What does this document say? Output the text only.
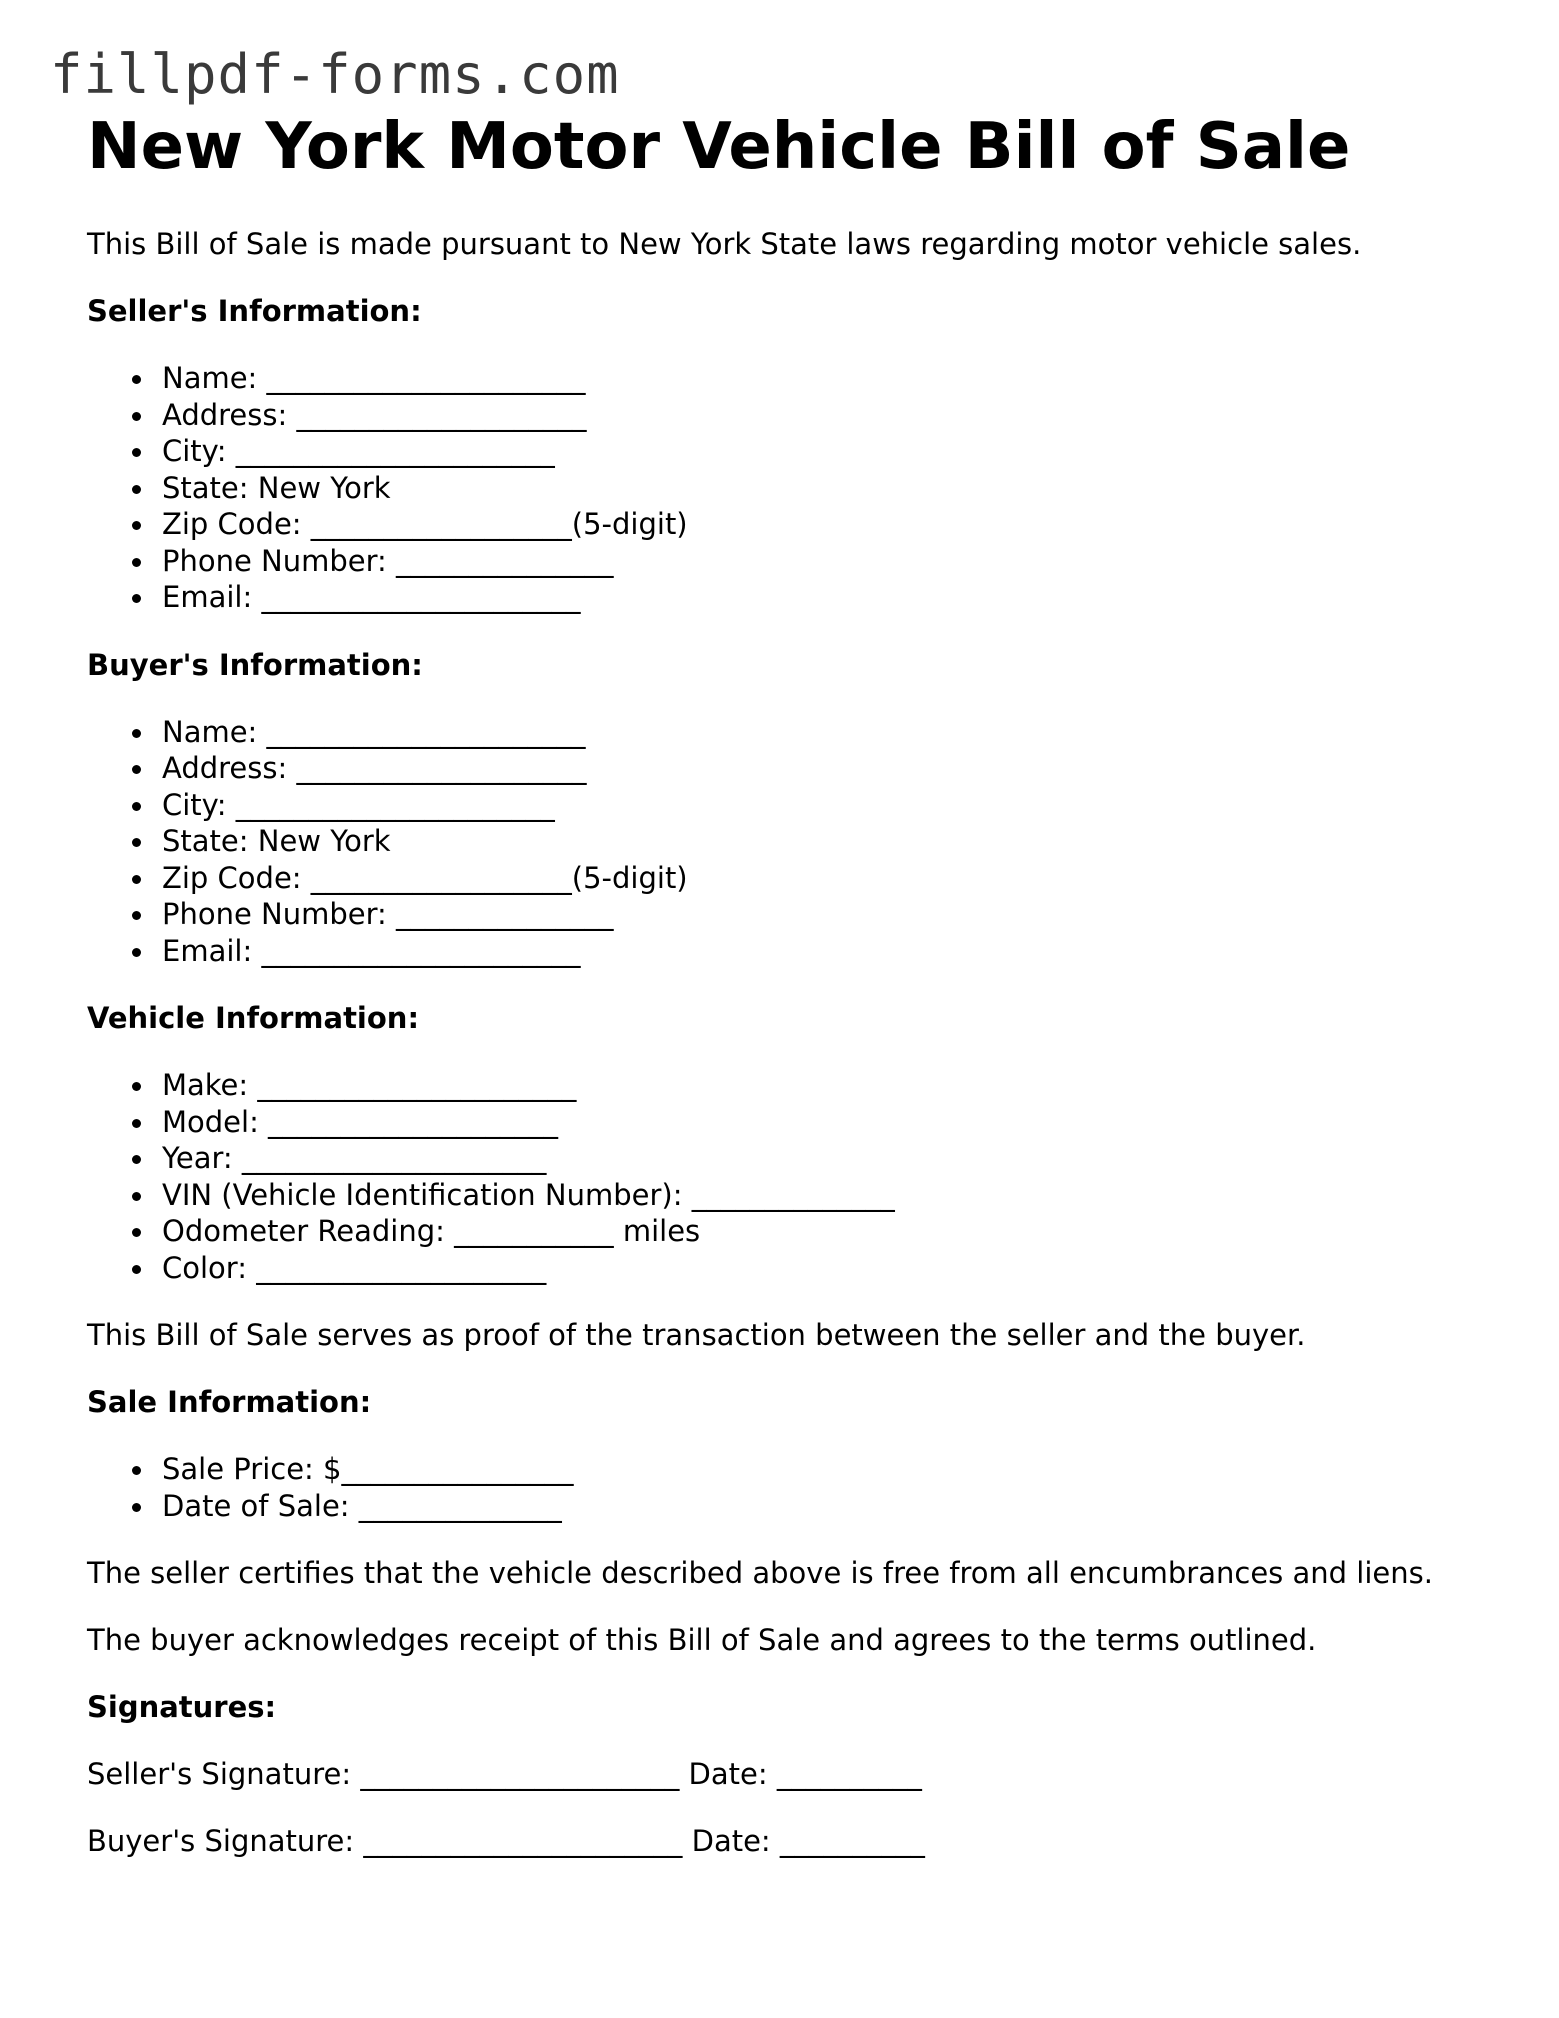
fillpdf-forms.com
New York Motor Vehicle Bill of Sale

This Bill of Sale is made pursuant to New York State laws regarding motor vehicle sales.

Seller's Information:
Name: ______________________
Address: ____________________
City: ______________________
State: New York
Zip Code: __________________(5-digit)
Phone Number: _______________
Email: ______________________
Buyer's Information:
Name: ______________________
Address: ____________________
City: ______________________
State: New York
Zip Code: __________________(5-digit)
Phone Number: _______________
Email: ______________________
Vehicle Information:
Make: ______________________
Model: ____________________
Year: _____________________
VIN (Vehicle Identification Number): ______________
Odometer Reading: ___________ miles
Color: ____________________

This Bill of Sale serves as proof of the transaction between the seller and the buyer.

Sale Information:
Sale Price: $________________
Date of Sale: ______________

The seller certifies that the vehicle described above is free from all encumbrances and liens.

The buyer acknowledges receipt of this Bill of Sale and agrees to the terms outlined.

Signatures:
Seller's Signature: ______________________ Date: __________
Buyer's Signature: ______________________ Date: __________
